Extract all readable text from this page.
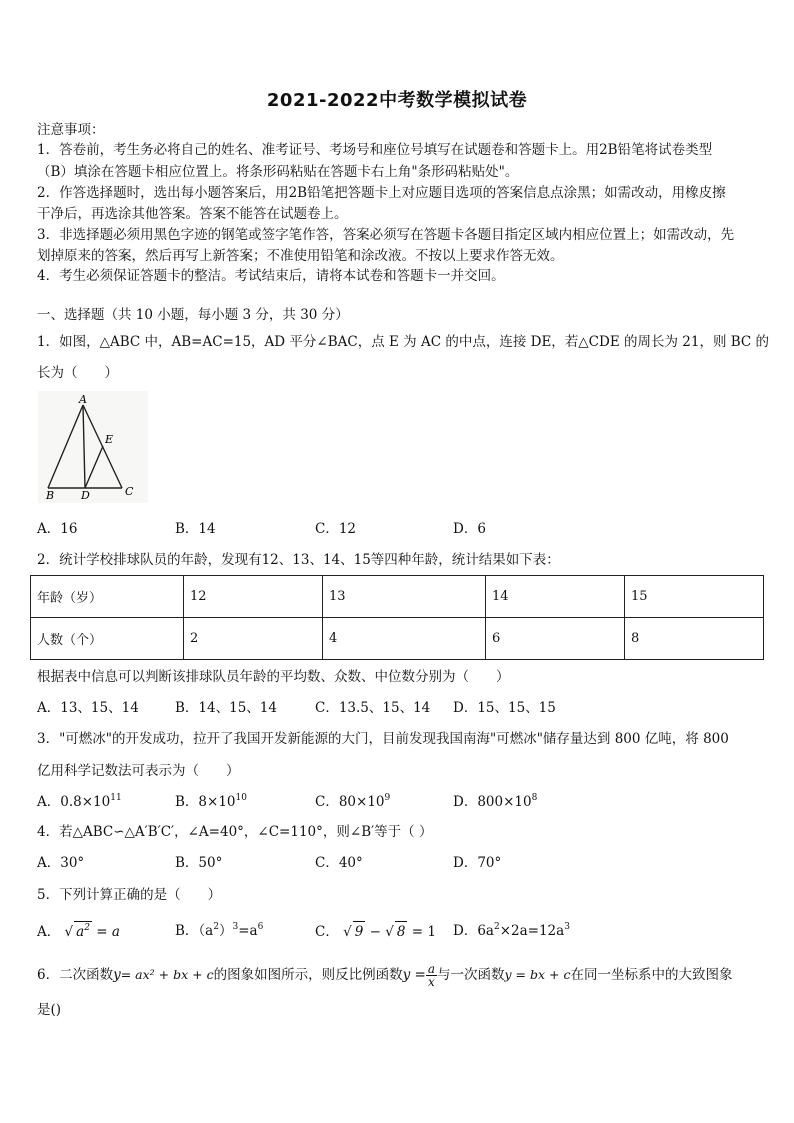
2021-2022中考数学模拟试卷
注意事项：
1．答卷前，考生务必将自己的姓名、准考证号、考场号和座位号填写在试题卷和答题卡上。用2B铅笔将试卷类型
（B）填涂在答题卡相应位置上。将条形码粘贴在答题卡右上角"条形码粘贴处"。
2．作答选择题时，选出每小题答案后，用2B铅笔把答题卡上对应题目选项的答案信息点涂黑；如需改动，用橡皮擦
干净后，再选涂其他答案。答案不能答在试题卷上。
3．非选择题必须用黑色字迹的钢笔或签字笔作答，答案必须写在答题卡各题目指定区域内相应位置上；如需改动，先
划掉原来的答案，然后再写上新答案；不准使用铅笔和涂改液。不按以上要求作答无效。
4．考生必须保证答题卡的整洁。考试结束后，请将本试卷和答题卡一并交回。
一、选择题（共 10 小题，每小题 3 分，共 30 分）
1．如图，△ABC 中，AB=AC=15，AD 平分∠BAC，点 E 为 AC 的中点，连接 DE，若△CDE 的周长为 21，则 BC 的
长为（　　）
A
E
B D	C
A．16	B．14	C．12	D．6
2．统计学校排球队员的年龄，发现有12、13、14、15等四种年龄，统计结果如下表：
年龄（岁）	12	13	14	15
人数（个）	2	4	6	8
根据表中信息可以判断该排球队员年龄的平均数、众数、中位数分别为（　　）
A．13、15、14	B．14、15、14	C．13.5、15、14 D．15、15、15
3．"可燃冰"的开发成功，拉开了我国开发新能源的大门，目前发现我国南海"可燃冰"储存量达到 800 亿吨，将 800
亿用科学记数法可表示为（　　）
A．$0.8\times 10^{11}$	B．$8\times 10^{10}$	C．$80\times 10^9$	D．$800\times 10^8$
4．若△ABC∽△A′B′C′，∠A=40°，∠C=110°，则∠B′等于（ ）
A．30°	B．50°	C．40°	D．70°
5．下列计算正确的是（　　）
A． √ $a^2 = a$	B．$(a^2)^3=a^6$	C． √ 9 − √ 8 = 1 D．$6a^2\times 2a=12a^3$
6．二次函数y= ax² + bx + c的图象如图所示，则反比例函数$y = \frac{a}{x}$ 与一次函数y = bx + c在同一坐标系中的大致图象
是()
